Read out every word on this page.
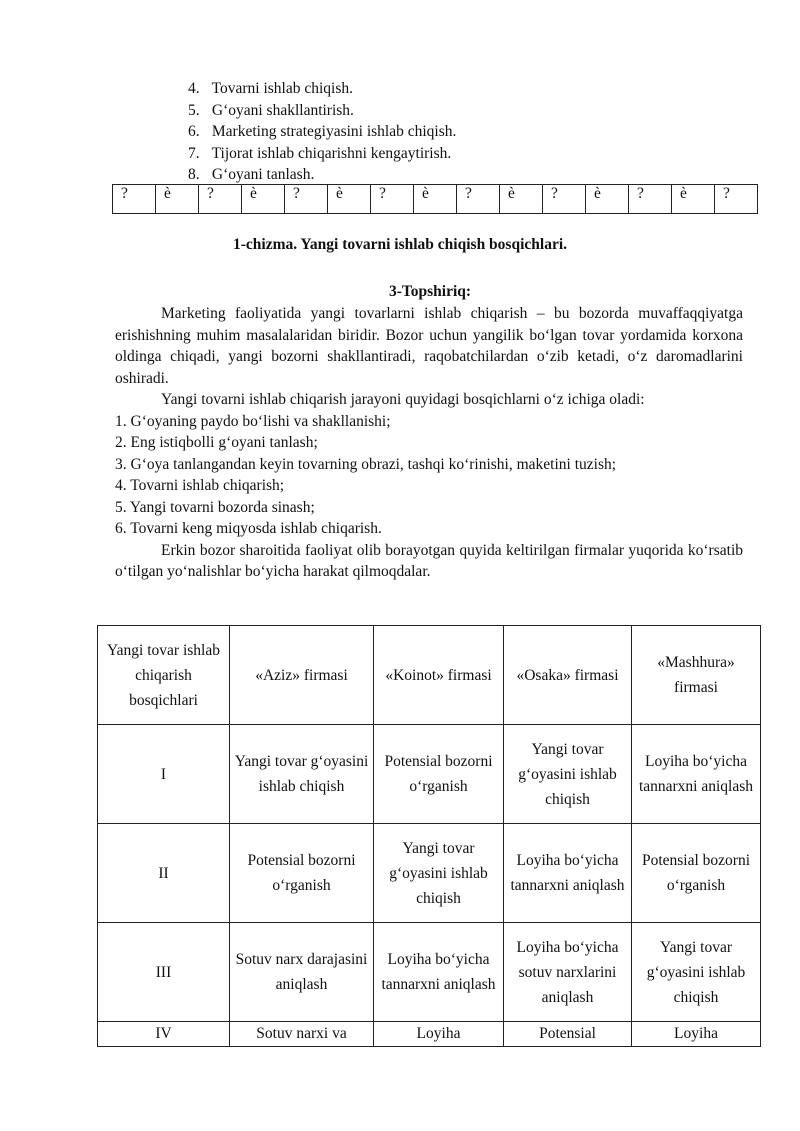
4. Tovarni ishlab chiqish.
5. G‘oyani shakllantirish.
6. Marketing strategiyasini ishlab chiqish.
7. Tijorat ishlab chiqarishni kengaytirish.
8. G‘oyani tanlash.
?	è	?	è	?	è	?	è	?	è	?	è	?	è	?
1-chizma. Yangi tovarni ishlab chiqish bosqichlari.
3-Topshiriq:

Marketing faoliyatida yangi tovarlarni ishlab chiqarish – bu bozorda muvaffaqqiyatga erishishning muhim masalalaridan biridir. Bozor uchun yangilik bo‘lgan tovar yordamida korxona oldinga chiqadi, yangi bozorni shakllantiradi, raqobatchilardan o‘zib ketadi, o‘z daromadlarini oshiradi.

Yangi tovarni ishlab chiqarish jarayoni quyidagi bosqichlarni o‘z ichiga oladi:

1. G‘oyaning paydo bo‘lishi va shakllanishi;

2. Eng istiqbolli g‘oyani tanlash;

3. G‘oya tanlangandan keyin tovarning obrazi, tashqi ko‘rinishi, maketini tuzish;

4. Tovarni ishlab chiqarish;

5. Yangi tovarni bozorda sinash;

6. Tovarni keng miqyosda ishlab chiqarish.

Erkin bozor sharoitida faoliyat olib borayotgan quyida keltirilgan firmalar yuqorida ko‘rsatib o‘tilgan yo‘nalishlar bo‘yicha harakat qilmoqdalar.

Yangi tovar ishlab chiqarish bosqichlari	«Aziz» firmasi	«Koinot» firmasi	«Osaka» firmasi	«Mashhura» firmasi
I	Yangi tovar g‘oyasini ishlab chiqish	Potensial bozorni o‘rganish	Yangi tovar g‘oyasini ishlab chiqish	Loyiha bo‘yicha tannarxni aniqlash
II	Potensial bozorni o‘rganish	Yangi tovar g‘oyasini ishlab chiqish	Loyiha bo‘yicha tannarxni aniqlash	Potensial bozorni o‘rganish
III	Sotuv narx darajasini aniqlash	Loyiha bo‘yicha tannarxni aniqlash	Loyiha bo‘yicha sotuv narxlarini aniqlash	Yangi tovar g‘oyasini ishlab chiqish
IV	Sotuv narxi va	Loyiha	Potensial	Loyiha
